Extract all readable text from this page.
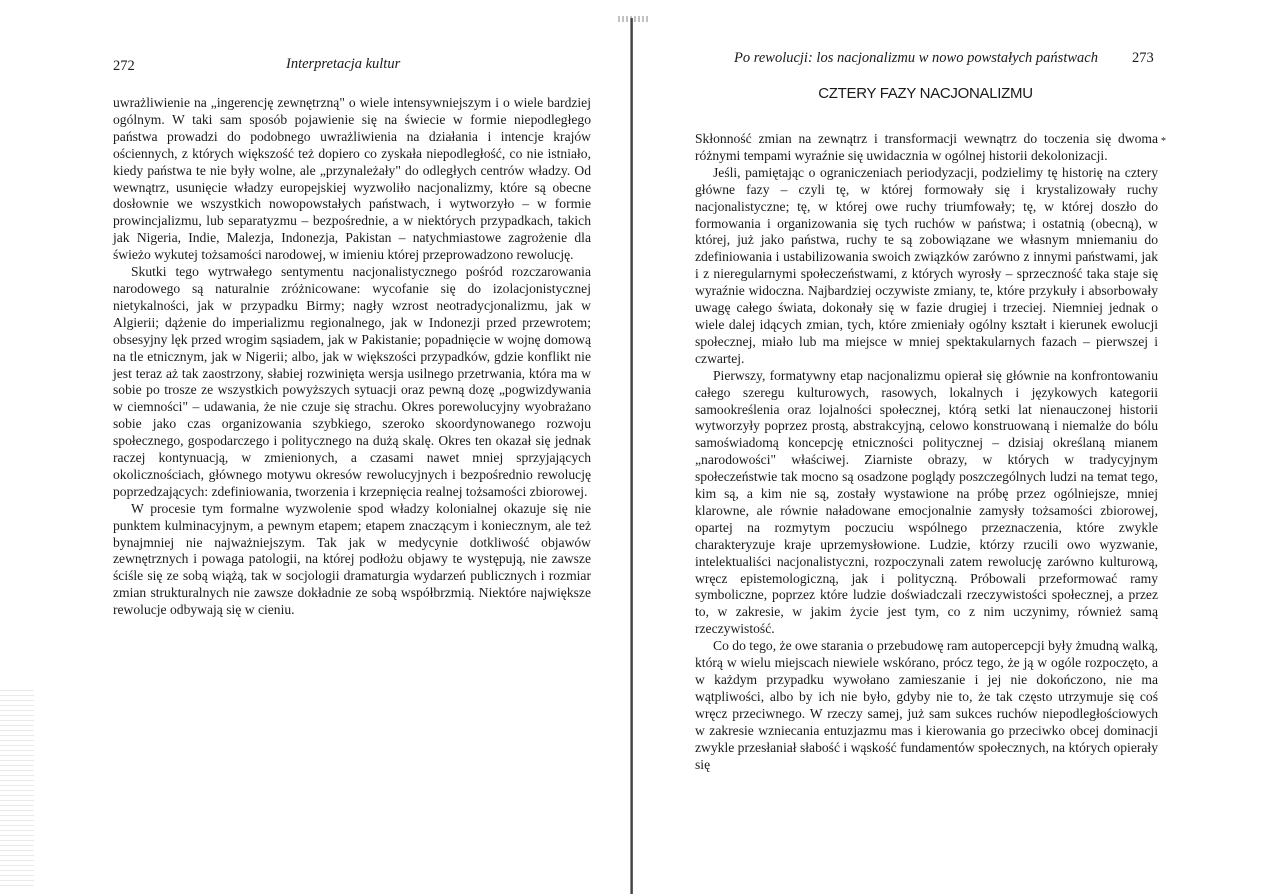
272	Interpretacja kultur

uwrażliwienie na „ingerencję zewnętrzną" o wiele intensywniejszym i o wiele bardziej ogólnym. W taki sam sposób pojawienie się na świecie w formie niepodległego państwa prowadzi do podobnego uwrażliwienia na działania i intencje krajów ościennych, z których większość też dopiero co zyskała niepodległość, co nie istniało, kiedy państwa te nie były wolne, ale „przynależały" do odległych centrów władzy. Od wewnątrz, usunięcie władzy europejskiej wyzwoliło nacjonalizmy, które są obecne dosłownie we wszystkich nowopowstałych państwach, i wytworzyło – w formie prowincjalizmu, lub separatyzmu – bezpośrednie, a w niektórych przypadkach, takich jak Nigeria, Indie, Malezja, Indonezja, Pakistan – natychmiastowe zagrożenie dla świeżo wykutej tożsamości narodowej, w imieniu której przeprowadzono rewolucję.

Skutki tego wytrwałego sentymentu nacjonalistycznego pośród rozczarowania narodowego są naturalnie zróżnicowane: wycofanie się do izolacjonistycznej nietykalności, jak w przypadku Birmy; nagły wzrost neotradycjonalizmu, jak w Algierii; dążenie do imperializmu regionalnego, jak w Indonezji przed przewrotem; obsesyjny lęk przed wrogim sąsiadem, jak w Pakistanie; popadnięcie w wojnę domową na tle etnicznym, jak w Nigerii; albo, jak w większości przypadków, gdzie konflikt nie jest teraz aż tak zaostrzony, słabiej rozwinięta wersja usilnego przetrwania, która ma w sobie po trosze ze wszystkich powyższych sytuacji oraz pewną dozę „pogwizdywania w ciemności" – udawania, że nie czuje się strachu. Okres porewolucyjny wyobrażano sobie jako czas organizowania szybkiego, szeroko skoordynowanego rozwoju społecznego, gospodarczego i politycznego na dużą skalę. Okres ten okazał się jednak raczej kontynuacją, w zmienionych, a czasami nawet mniej sprzyjających okolicznościach, głównego motywu okresów rewolucyjnych i bezpośrednio rewolucję poprzedzających: zdefiniowania, tworzenia i krzepnięcia realnej tożsamości zbiorowej.

W procesie tym formalne wyzwolenie spod władzy kolonialnej okazuje się nie punktem kulminacyjnym, a pewnym etapem; etapem znaczącym i koniecznym, ale też bynajmniej nie najważniejszym. Tak jak w medycynie dotkliwość objawów zewnętrznych i powaga patologii, na której podłożu objawy te występują, nie zawsze ściśle się ze sobą wiążą, tak w socjologii dramaturgia wydarzeń publicznych i rozmiar zmian strukturalnych nie zawsze dokładnie ze sobą współbrzmią. Niektóre największe rewolucje odbywają się w cieniu.

Po rewolucji: los nacjonalizmu w nowo powstałych państwach 273
CZTERY FAZY NACJONALIZMU
*

Skłonność zmian na zewnątrz i transformacji wewnątrz do toczenia się dwoma różnymi tempami wyraźnie się uwidacznia w ogólnej historii dekolonizacji.

Jeśli, pamiętając o ograniczeniach periodyzacji, podzielimy tę historię na cztery główne fazy – czyli tę, w której formowały się i krystalizowały ruchy nacjonalistyczne; tę, w której owe ruchy triumfowały; tę, w której doszło do formowania i organizowania się tych ruchów w państwa; i ostatnią (obecną), w której, już jako państwa, ruchy te są zobowiązane we własnym mniemaniu do zdefiniowania i ustabilizowania swoich związków zarówno z innymi państwami, jak i z nieregularnymi społeczeństwami, z których wyrosły – sprzeczność taka staje się wyraźnie widoczna. Najbardziej oczywiste zmiany, te, które przykuły i absorbowały uwagę całego świata, dokonały się w fazie drugiej i trzeciej. Niemniej jednak o wiele dalej idących zmian, tych, które zmieniały ogólny kształt i kierunek ewolucji społecznej, miało lub ma miejsce w mniej spektakularnych fazach – pierwszej i czwartej.

Pierwszy, formatywny etap nacjonalizmu opierał się głównie na konfrontowaniu całego szeregu kulturowych, rasowych, lokalnych i językowych kategorii samookreślenia oraz lojalności społecznej, którą setki lat nienauczonej historii wytworzyły poprzez prostą, abstrakcyjną, celowo konstruowaną i niemalże do bólu samoświadomą koncepcję etniczności politycznej – dzisiaj określaną mianem „narodowości" właściwej. Ziarniste obrazy, w których w tradycyjnym społeczeństwie tak mocno są osadzone poglądy poszczególnych ludzi na temat tego, kim są, a kim nie są, zostały wystawione na próbę przez ogólniejsze, mniej klarowne, ale równie naładowane emocjonalnie zamysły tożsamości zbiorowej, opartej na rozmytym poczuciu wspólnego przeznaczenia, które zwykle charakteryzuje kraje uprzemysłowione. Ludzie, którzy rzucili owo wyzwanie, intelektualiści nacjonalistyczni, rozpoczynali zatem rewolucję zarówno kulturową, wręcz epistemologiczną, jak i polityczną. Próbowali przeformować ramy symboliczne, poprzez które ludzie doświadczali rzeczywistości społecznej, a przez to, w zakresie, w jakim życie jest tym, co z nim uczynimy, również samą rzeczywistość.

Co do tego, że owe starania o przebudowę ram autopercepcji były żmudną walką, którą w wielu miejscach niewiele wskórano, prócz tego, że ją w ogóle rozpoczęto, a w każdym przypadku wywołano zamieszanie i jej nie dokończono, nie ma wątpliwości, albo by ich nie było, gdyby nie to, że tak często utrzymuje się coś wręcz przeciwnego. W rzeczy samej, już sam sukces ruchów niepodległościowych w zakresie wzniecania entuzjazmu mas i kierowania go przeciwko obcej dominacji zwykle przesłaniał słabość i wąskość fundamentów społecznych, na których opierały się
